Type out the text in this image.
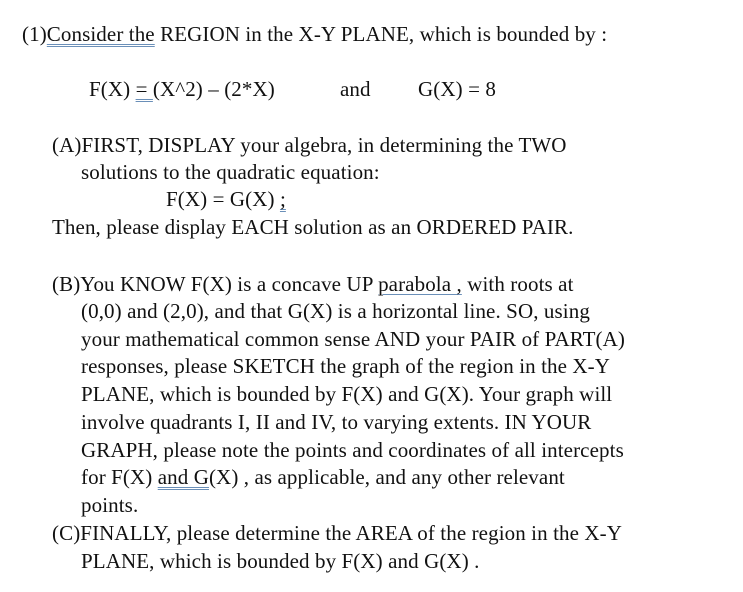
(1)Consider the REGION in the X-Y PLANE, which is bounded by :
F(X) = (X^2) – (2*X)	and G(X) = 8
(A)FIRST, DISPLAY your algebra, in determining the TWO
solutions to the quadratic equation:
F(X) = G(X) ;
Then, please display EACH solution as an ORDERED PAIR.
(B)You KNOW F(X) is a concave UP parabola , with roots at
(0,0) and (2,0), and that G(X) is a horizontal line. SO, using
your mathematical common sense AND your PAIR of PART(A)
responses, please SKETCH the graph of the region in the X-Y
PLANE, which is bounded by F(X) and G(X). Your graph will
involve quadrants I, II and IV, to varying extents. IN YOUR
GRAPH, please note the points and coordinates of all intercepts
for F(X) and G(X) , as applicable, and any other relevant
points.
(C)FINALLY, please determine the AREA of the region in the X-Y
PLANE, which is bounded by F(X) and G(X) .
